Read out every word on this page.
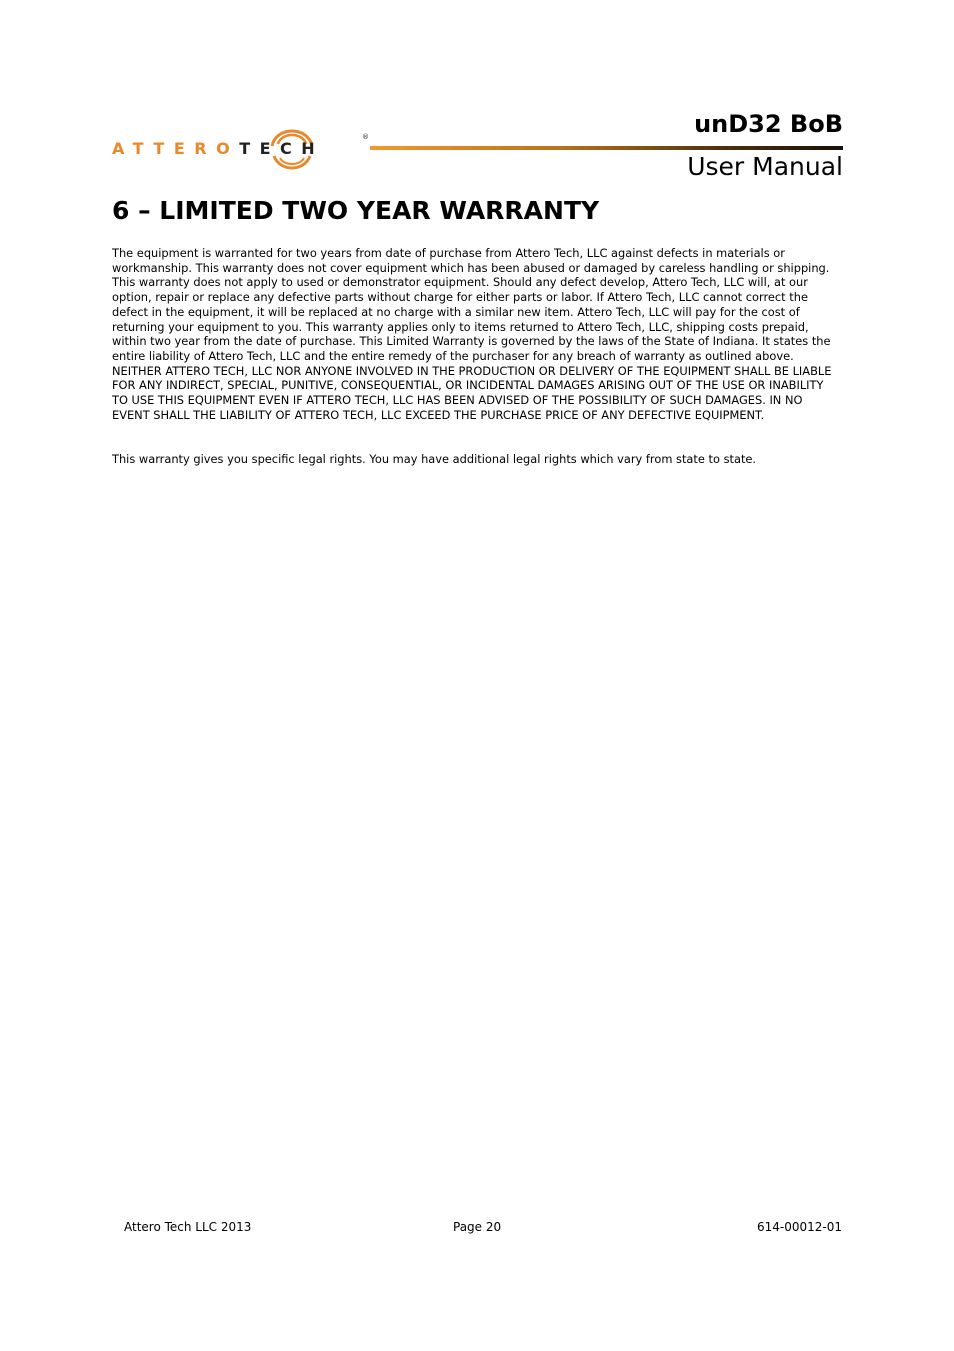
ATTEROTECH
®	unD32 BoB
User Manual
6 – LIMITED TWO YEAR WARRANTY

The equipment is warranted for two years from date of purchase from Attero Tech, LLC against defects in materials or workmanship. This warranty does not cover equipment which has been abused or damaged by careless handling or shipping. This warranty does not apply to used or demonstrator equipment. Should any defect develop, Attero Tech, LLC will, at our option, repair or replace any defective parts without charge for either parts or labor. If Attero Tech, LLC cannot correct the defect in the equipment, it will be replaced at no charge with a similar new item. Attero Tech, LLC will pay for the cost of returning your equipment to you. This warranty applies only to items returned to Attero Tech, LLC, shipping costs prepaid, within two year from the date of purchase. This Limited Warranty is governed by the laws of the State of Indiana. It states the entire liability of Attero Tech, LLC and the entire remedy of the purchaser for any breach of warranty as outlined above. NEITHER ATTERO TECH, LLC NOR ANYONE INVOLVED IN THE PRODUCTION OR DELIVERY OF THE EQUIPMENT SHALL BE LIABLE FOR ANY INDIRECT, SPECIAL, PUNITIVE, CONSEQUENTIAL, OR INCIDENTAL DAMAGES ARISING OUT OF THE USE OR INABILITY TO USE THIS EQUIPMENT EVEN IF ATTERO TECH, LLC HAS BEEN ADVISED OF THE POSSIBILITY OF SUCH DAMAGES. IN NO EVENT SHALL THE LIABILITY OF ATTERO TECH, LLC EXCEED THE PURCHASE PRICE OF ANY DEFECTIVE EQUIPMENT.

This warranty gives you specific legal rights. You may have additional legal rights which vary from state to state.

Attero Tech LLC 2013	Page 20	614-00012-01
